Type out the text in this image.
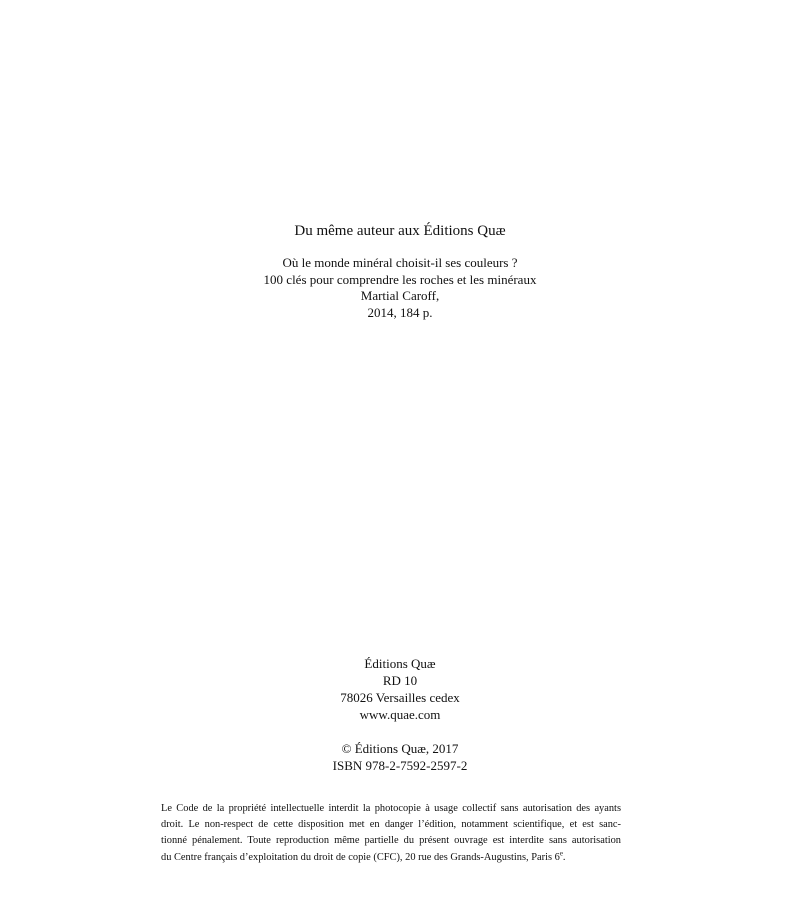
Du même auteur aux Éditions Quæ
Où le monde minéral choisit-il ses couleurs ?
100 clés pour comprendre les roches et les minéraux
Martial Caroff,
2014, 184 p.
Éditions Quæ
RD 10
78026 Versailles cedex
www.quae.com
© Éditions Quæ, 2017
ISBN 978-2-7592-2597-2
Le Code de la propriété intellectuelle interdit la photocopie à usage collectif sans autorisation des ayants
droit. Le non-respect de cette disposition met en danger l’édition, notamment scientifique, et est sanc-
tionné pénalement. Toute reproduction même partielle du présent ouvrage est interdite sans autorisation
du Centre français d’exploitation du droit de copie (CFC), 20 rue des Grands-Augustins, Paris 6e.
